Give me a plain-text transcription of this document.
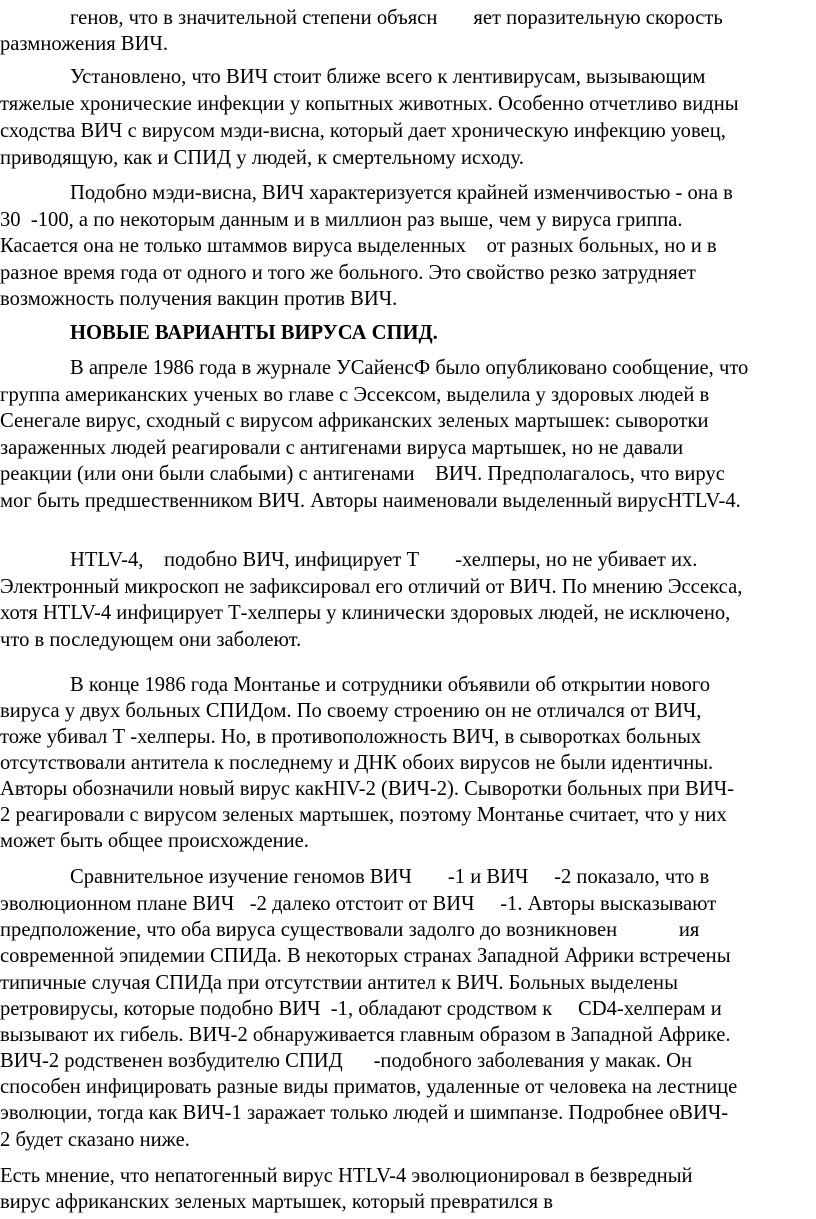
генов, что в значительной степени объясн       яет поразительную скорость
размножения ВИЧ.
Установлено, что ВИЧ стоит ближе всего к лентивирусам, вызывающим
тяжелые хронические инфекции у копытных животных. Особенно отчетливо видны
сходства ВИЧ с вирусом мэди-висна, который дает хроническую инфекцию уовец,
приводящую, как и СПИД у людей, к смертельному исходу.
Подобно мэди-висна, ВИЧ характеризуется крайней изменчивостью - она в
30  -100, а по некоторым данным и в миллион раз выше, чем у вируса гриппа.
Касается она не только штаммов вируса выделенных    от разных больных, но и в
разное время года от одного и того же больного. Это свойство резко затрудняет
возможность получения вакцин против ВИЧ.
НОВЫЕ ВАРИАНТЫ ВИРУСА СПИД.
В апреле 1986 года в журнале УСайенсФ было опубликовано сообщение, что
группа американских ученых во главе с Эссексом, выделила у здоровых людей в
Сенегале вирус, сходный с вирусом африканских зеленых мартышек: сыворотки
зараженных людей реагировали с антигенами вируса мартышек, но не давали
реакции (или они были слабыми) с антигенами    ВИЧ. Предполагалось, что вирус
мог быть предшественником ВИЧ. Авторы наименовали выделенный вирусHTLV-4.
HTLV-4,    подобно ВИЧ, инфицирует Т       -хелперы, но не убивает их.
Электронный микроскоп не зафиксировал его отличий от ВИЧ. По мнению Эссекса,
хотя HTLV-4 инфицирует Т-хелперы у клинически здоровых людей, не исключено,
что в последующем они заболеют.
В конце 1986 года Монтанье и сотрудники объявили об открытии нового
вируса у двух больных СПИДом. По своему строению он не отличался от ВИЧ,
тоже убивал Т -хелперы. Но, в противоположность ВИЧ, в сыворотках больных
отсутствовали антитела к последнему и ДНК обоих вирусов не были идентичны.
Авторы обозначили новый вирус какHIV-2 (ВИЧ-2). Сыворотки больных при ВИЧ-
2 реагировали с вирусом зеленых мартышек, поэтому Монтанье считает, что у них
может быть общее происхождение.
Сравнительное изучение геномов ВИЧ       -1 и ВИЧ     -2 показало, что в
эволюционном плане ВИЧ   -2 далеко отстоит от ВИЧ     -1. Авторы высказывают
предположение, что оба вируса существовали задолго до возникновен            ия
современной эпидемии СПИДа. В некоторых странах Западной Африки встречены
типичные случая СПИДа при отсутствии антител к ВИЧ. Больных выделены
ретровирусы, которые подобно ВИЧ  -1, обладают сродством к     CD4-хелперам и
вызывают их гибель. ВИЧ-2 обнаруживается главным образом в Западной Африке.
ВИЧ-2 родственен возбудителю СПИД      -подобного заболевания у макак. Он
способен инфицировать разные виды приматов, удаленные от человека на лестнице
эволюции, тогда как ВИЧ-1 заражает только людей и шимпанзе. Подробнее оВИЧ-
2 будет сказано ниже.
Есть мнение, что непатогенный вирус HTLV-4 эволюционировал в безвредный
вирус африканских зеленых мартышек, который превратился в
